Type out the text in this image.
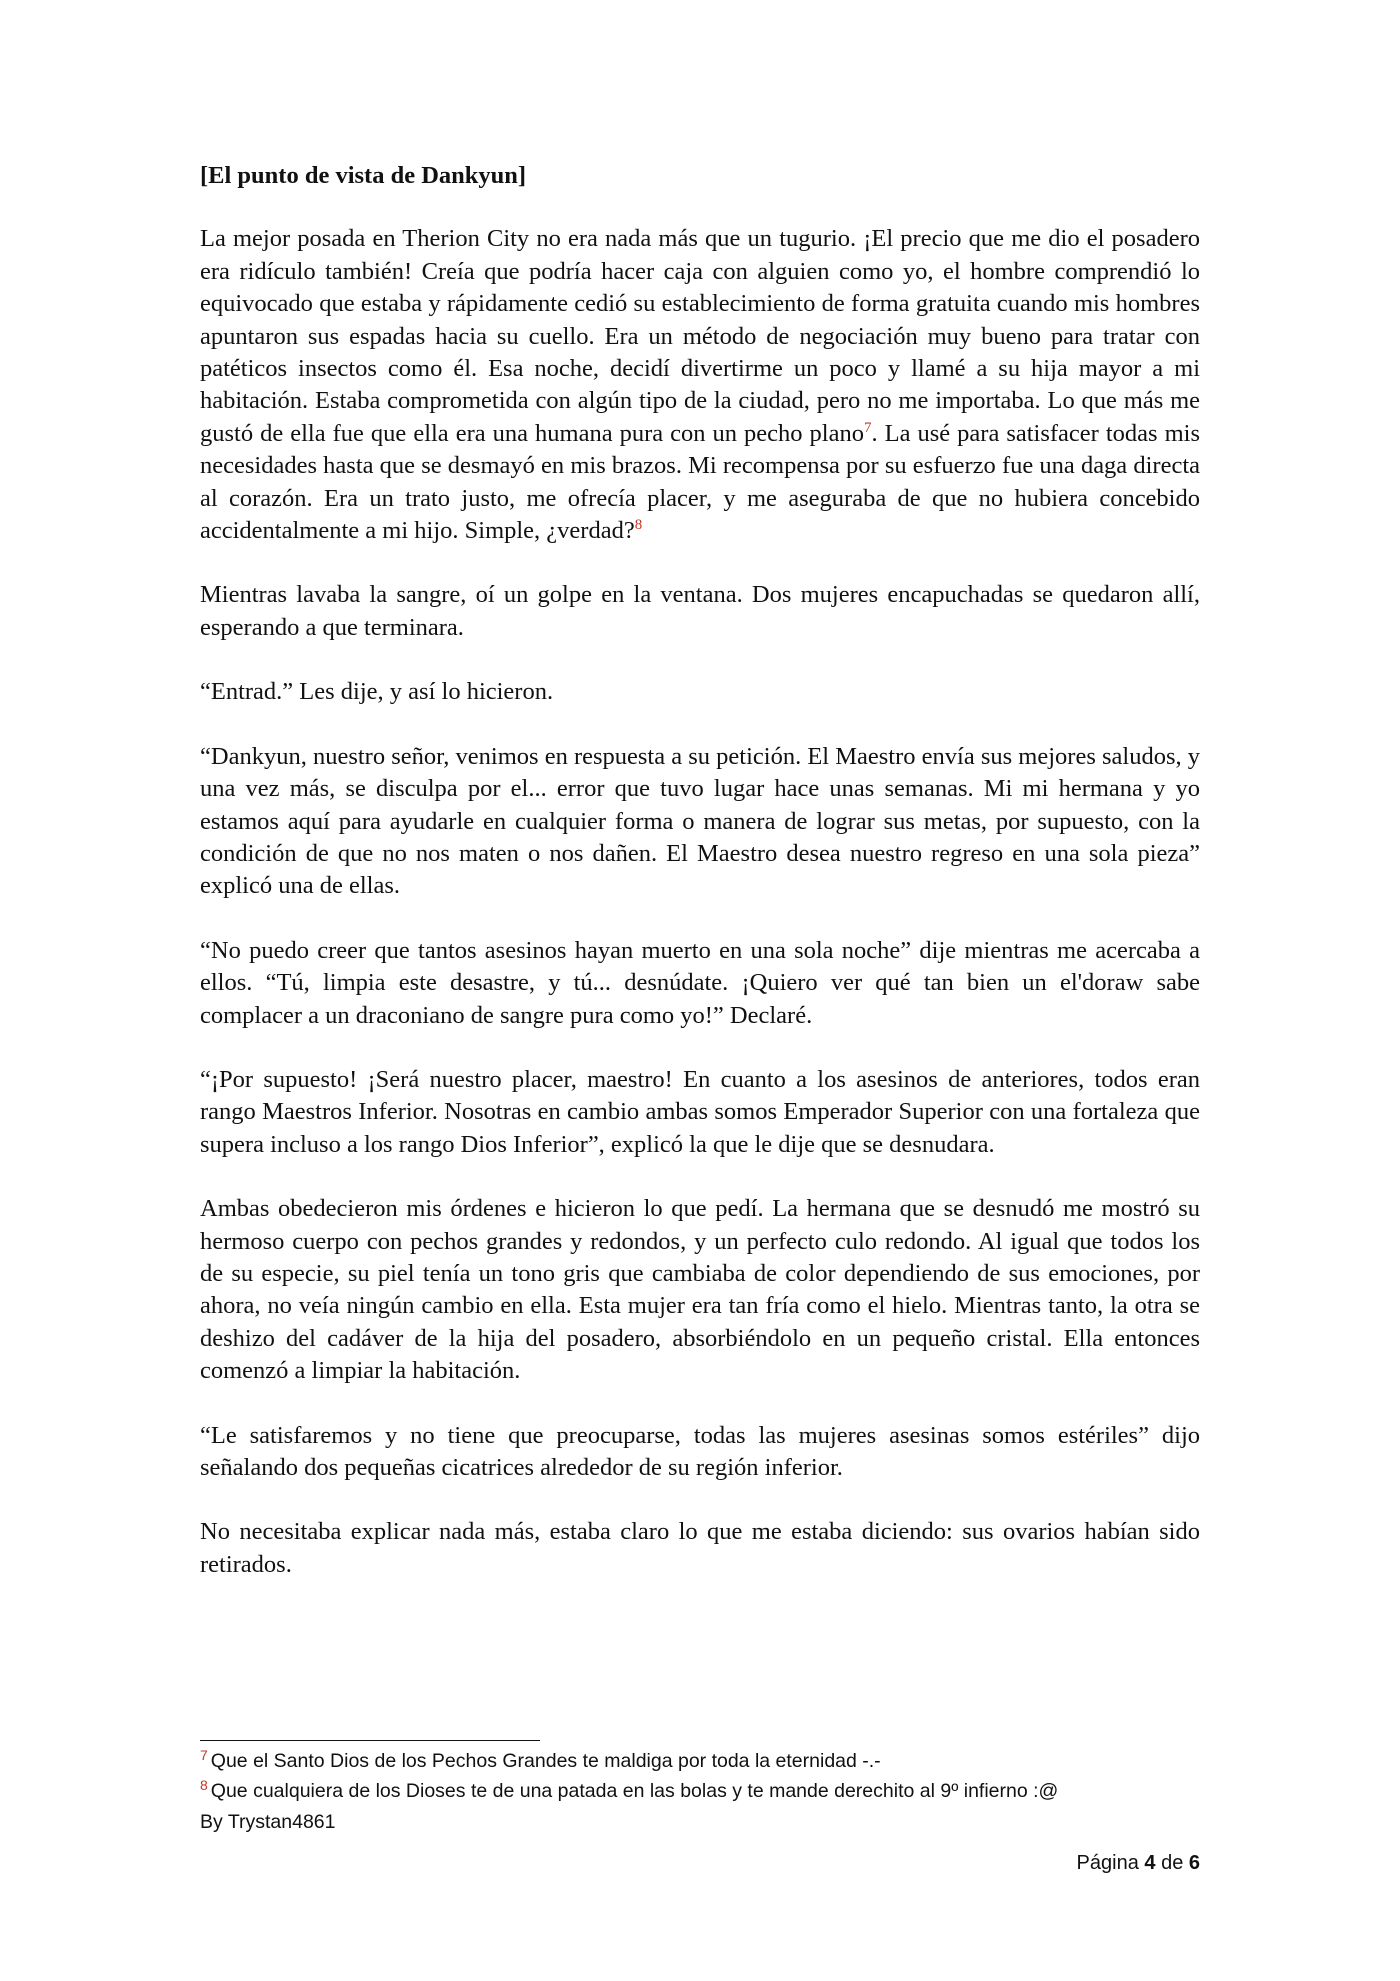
[El punto de vista de Dankyun]

La mejor posada en Therion City no era nada más que un tugurio. ¡El precio que me dio el posadero era ridículo también! Creía que podría hacer caja con alguien como yo, el hombre comprendió lo equivocado que estaba y rápidamente cedió su establecimiento de forma gratuita cuando mis hombres apuntaron sus espadas hacia su cuello. Era un método de negociación muy bueno para tratar con patéticos insectos como él. Esa noche, decidí divertirme un poco y llamé a su hija mayor a mi habitación. Estaba comprometida con algún tipo de la ciudad, pero no me importaba. Lo que más me gustó de ella fue que ella era una humana pura con un pecho plano$^7$. La usé para satisfacer todas mis necesidades hasta que se desmayó en mis brazos. Mi recompensa por su esfuerzo fue una daga directa al corazón. Era un trato justo, me ofrecía placer, y me aseguraba de que no hubiera concebido accidentalmente a mi hijo. Simple, ¿verdad?$^8$

Mientras lavaba la sangre, oí un golpe en la ventana. Dos mujeres encapuchadas se quedaron allí, esperando a que terminara.

“Entrad.” Les dije, y así lo hicieron.

“Dankyun, nuestro señor, venimos en respuesta a su petición. El Maestro envía sus mejores saludos, y una vez más, se disculpa por el... error que tuvo lugar hace unas semanas. Mi mi hermana y yo estamos aquí para ayudarle en cualquier forma o manera de lograr sus metas, por supuesto, con la condición de que no nos maten o nos dañen. El Maestro desea nuestro regreso en una sola pieza” explicó una de ellas.

“No puedo creer que tantos asesinos hayan muerto en una sola noche” dije mientras me acercaba a ellos. “Tú, limpia este desastre, y tú... desnúdate. ¡Quiero ver qué tan bien un el'doraw sabe complacer a un draconiano de sangre pura como yo!” Declaré.

“¡Por supuesto! ¡Será nuestro placer, maestro! En cuanto a los asesinos de anteriores, todos eran rango Maestros Inferior. Nosotras en cambio ambas somos Emperador Superior con una fortaleza que supera incluso a los rango Dios Inferior”, explicó la que le dije que se desnudara.

Ambas obedecieron mis órdenes e hicieron lo que pedí. La hermana que se desnudó me mostró su hermoso cuerpo con pechos grandes y redondos, y un perfecto culo redondo. Al igual que todos los de su especie, su piel tenía un tono gris que cambiaba de color dependiendo de sus emociones, por ahora, no veía ningún cambio en ella. Esta mujer era tan fría como el hielo. Mientras tanto, la otra se deshizo del cadáver de la hija del posadero, absorbiéndolo en un pequeño cristal. Ella entonces comenzó a limpiar la habitación.

“Le satisfaremos y no tiene que preocuparse, todas las mujeres asesinas somos estériles” dijo señalando dos pequeñas cicatrices alrededor de su región inferior.

No necesitaba explicar nada más, estaba claro lo que me estaba diciendo: sus ovarios habían sido retirados.

$^7$ Que el Santo Dios de los Pechos Grandes te maldiga por toda la eternidad -.-
$^8$ Que cualquiera de los Dioses te de una patada en las bolas y te mande derechito al 9º infierno :@
By Trystan4861
Página 4 de 6
